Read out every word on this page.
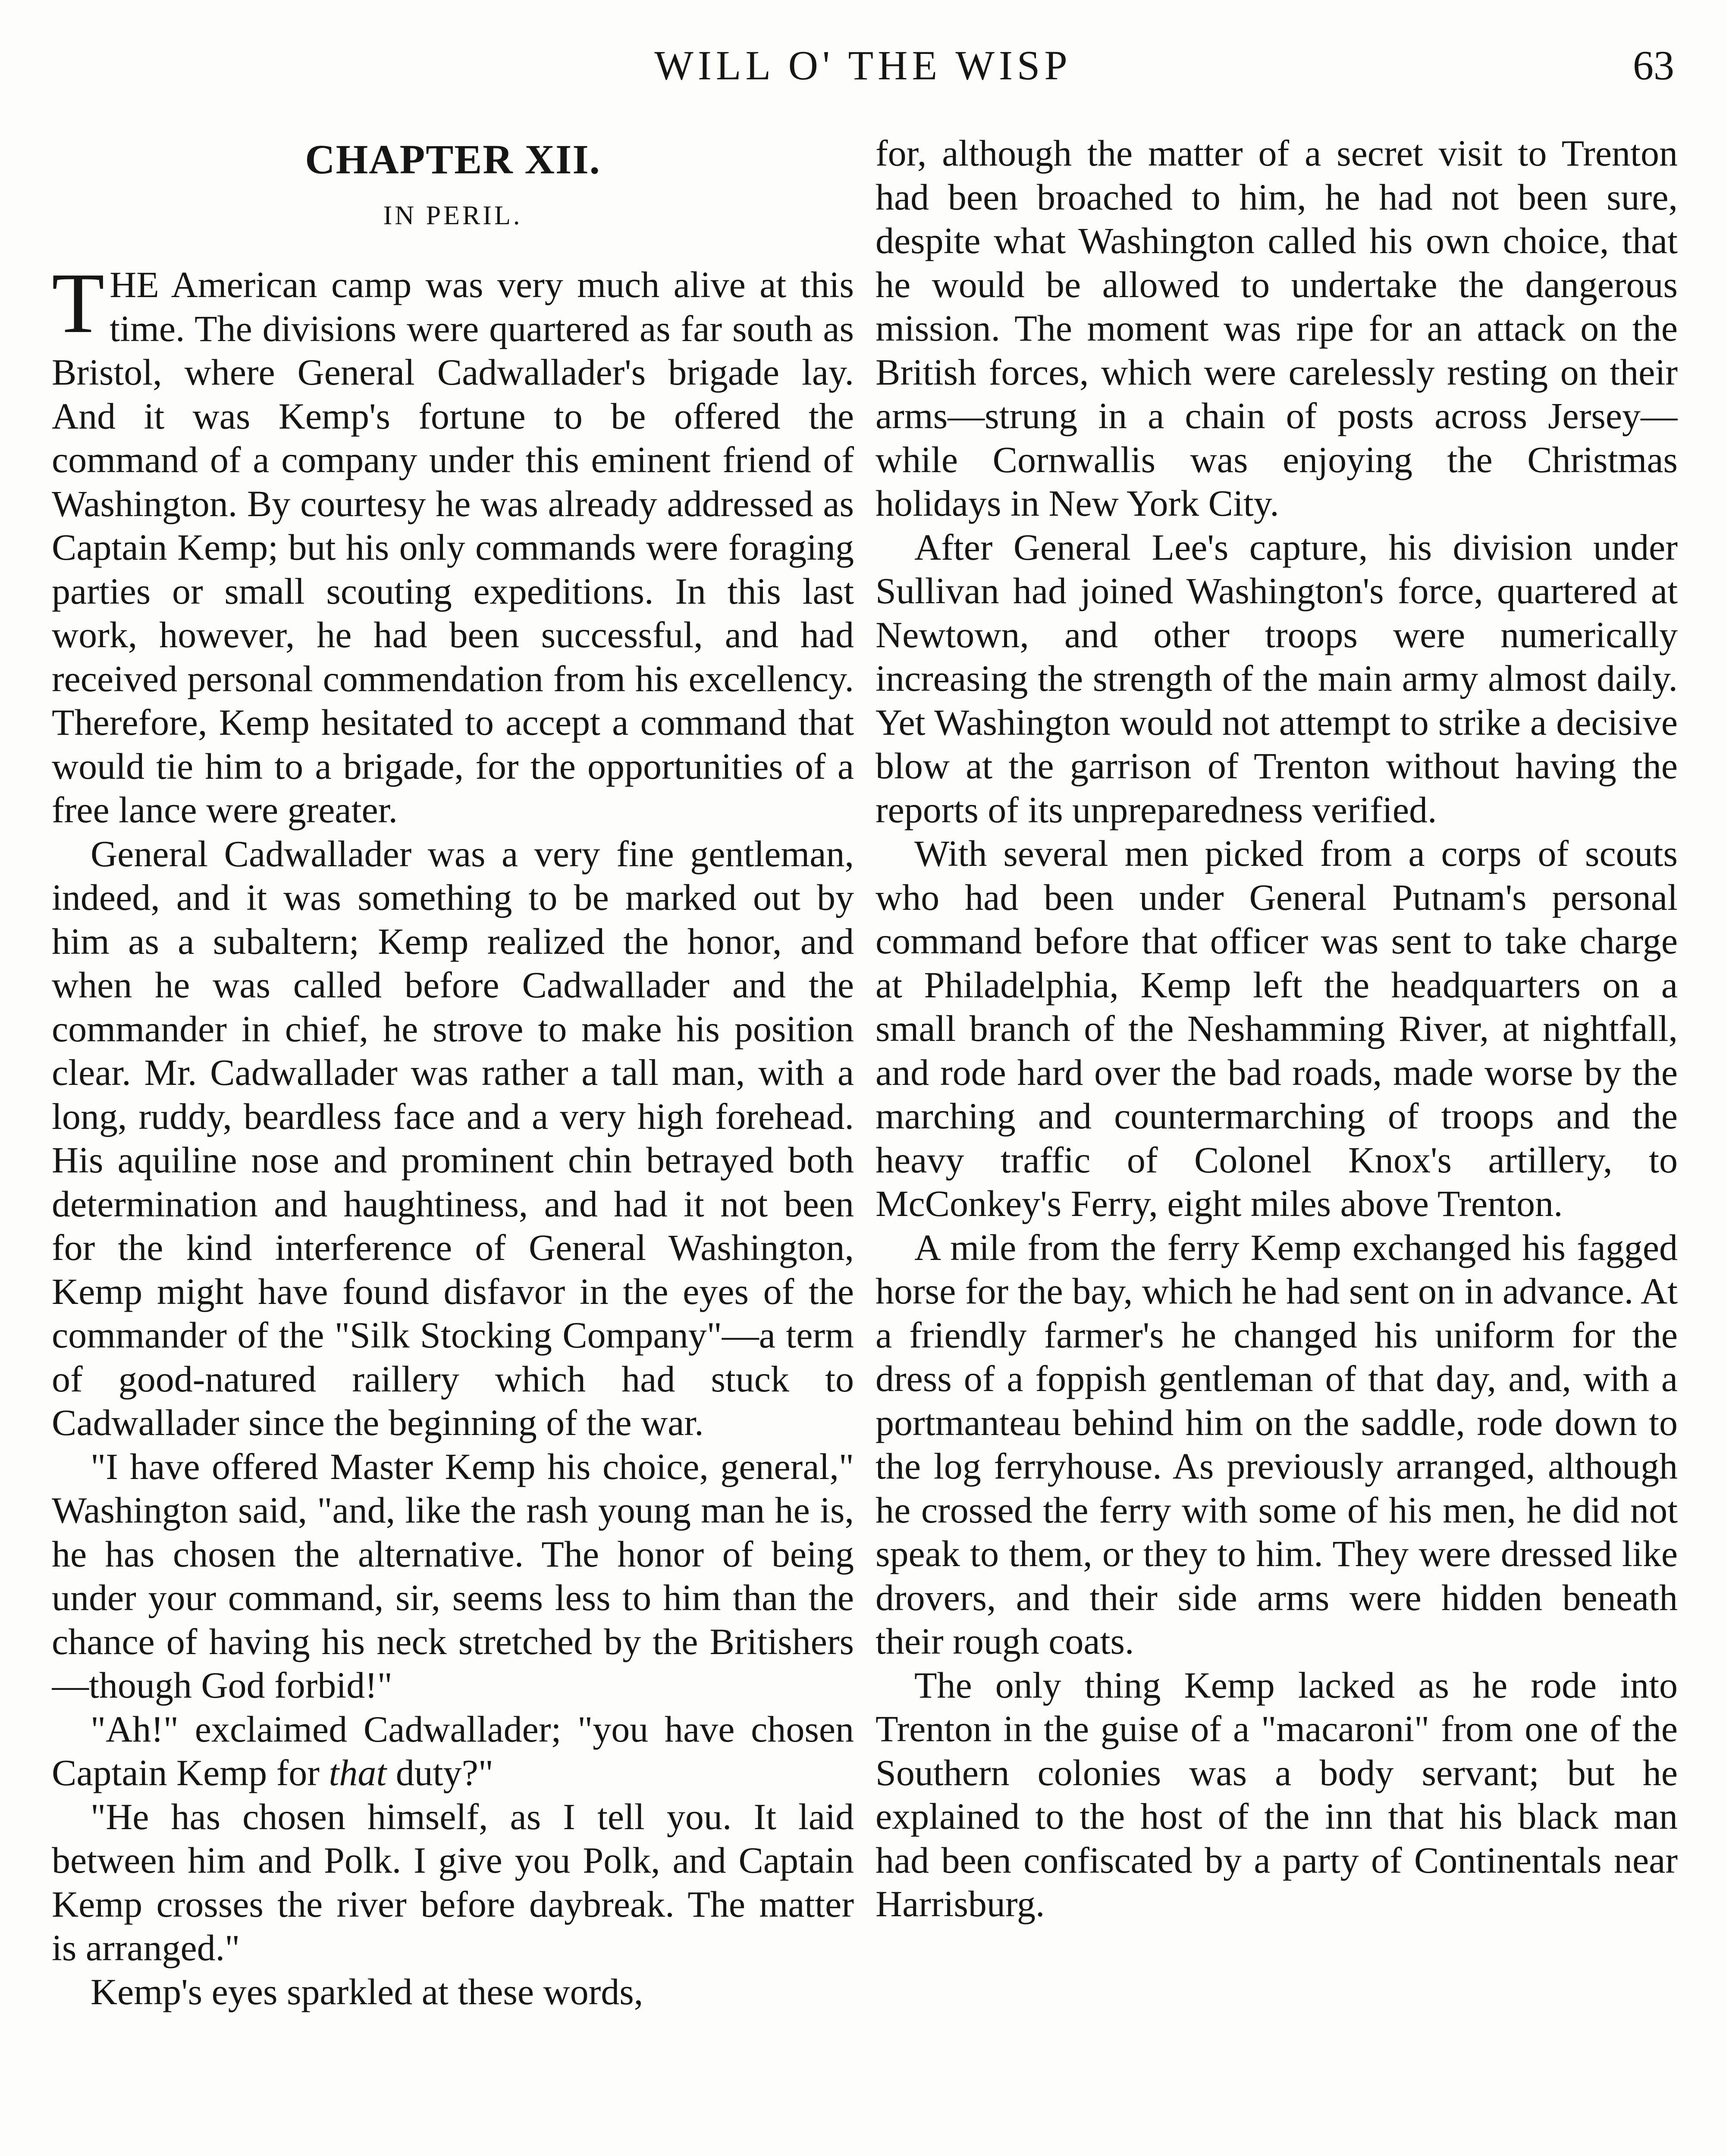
WILL O' THE WISP	63
CHAPTER XII.
IN PERIL.

THE American camp was very much alive at this time. The divisions were quartered as far south as Bristol, where General Cadwallader's brigade lay. And it was Kemp's fortune to be offered the command of a company under this eminent friend of Washington. By courtesy he was already addressed as Captain Kemp; but his only commands were foraging parties or small scouting expeditions. In this last work, however, he had been successful, and had received personal commendation from his excellency. Therefore, Kemp hesitated to accept a command that would tie him to a brigade, for the opportunities of a free lance were greater.

General Cadwallader was a very fine gentleman, indeed, and it was something to be marked out by him as a subaltern; Kemp realized the honor, and when he was called before Cadwallader and the commander in chief, he strove to make his position clear. Mr. Cadwallader was rather a tall man, with a long, ruddy, beardless face and a very high forehead. His aquiline nose and prominent chin betrayed both determination and haughtiness, and had it not been for the kind interference of General Washington, Kemp might have found disfavor in the eyes of the commander of the "Silk Stocking Company"—a term of good-natured raillery which had stuck to Cadwallader since the beginning of the war.

"I have offered Master Kemp his choice, general," Washington said, "and, like the rash young man he is, he has chosen the alternative. The honor of being under your command, sir, seems less to him than the chance of having his neck stretched by the Britishers—though God forbid!"

"Ah!" exclaimed Cadwallader; "you have chosen Captain Kemp for that duty?"

"He has chosen himself, as I tell you. It laid between him and Polk. I give you Polk, and Captain Kemp crosses the river before daybreak. The matter is arranged."

Kemp's eyes sparkled at these words,

for, although the matter of a secret visit to Trenton had been broached to him, he had not been sure, despite what Washington called his own choice, that he would be allowed to undertake the dangerous mission. The moment was ripe for an attack on the British forces, which were carelessly resting on their arms—strung in a chain of posts across Jersey—while Cornwallis was enjoying the Christmas holidays in New York City.

After General Lee's capture, his division under Sullivan had joined Washington's force, quartered at Newtown, and other troops were numerically increasing the strength of the main army almost daily. Yet Washington would not attempt to strike a decisive blow at the garrison of Trenton without having the reports of its unpreparedness verified.

With several men picked from a corps of scouts who had been under General Putnam's personal command before that officer was sent to take charge at Philadelphia, Kemp left the headquarters on a small branch of the Neshamming River, at nightfall, and rode hard over the bad roads, made worse by the marching and countermarching of troops and the heavy traffic of Colonel Knox's artillery, to McConkey's Ferry, eight miles above Trenton.

A mile from the ferry Kemp exchanged his fagged horse for the bay, which he had sent on in advance. At a friendly farmer's he changed his uniform for the dress of a foppish gentleman of that day, and, with a portmanteau behind him on the saddle, rode down to the log ferryhouse. As previously arranged, although he crossed the ferry with some of his men, he did not speak to them, or they to him. They were dressed like drovers, and their side arms were hidden beneath their rough coats.

The only thing Kemp lacked as he rode into Trenton in the guise of a "macaroni" from one of the Southern colonies was a body servant; but he explained to the host of the inn that his black man had been confiscated by a party of Continentals near Harrisburg.
